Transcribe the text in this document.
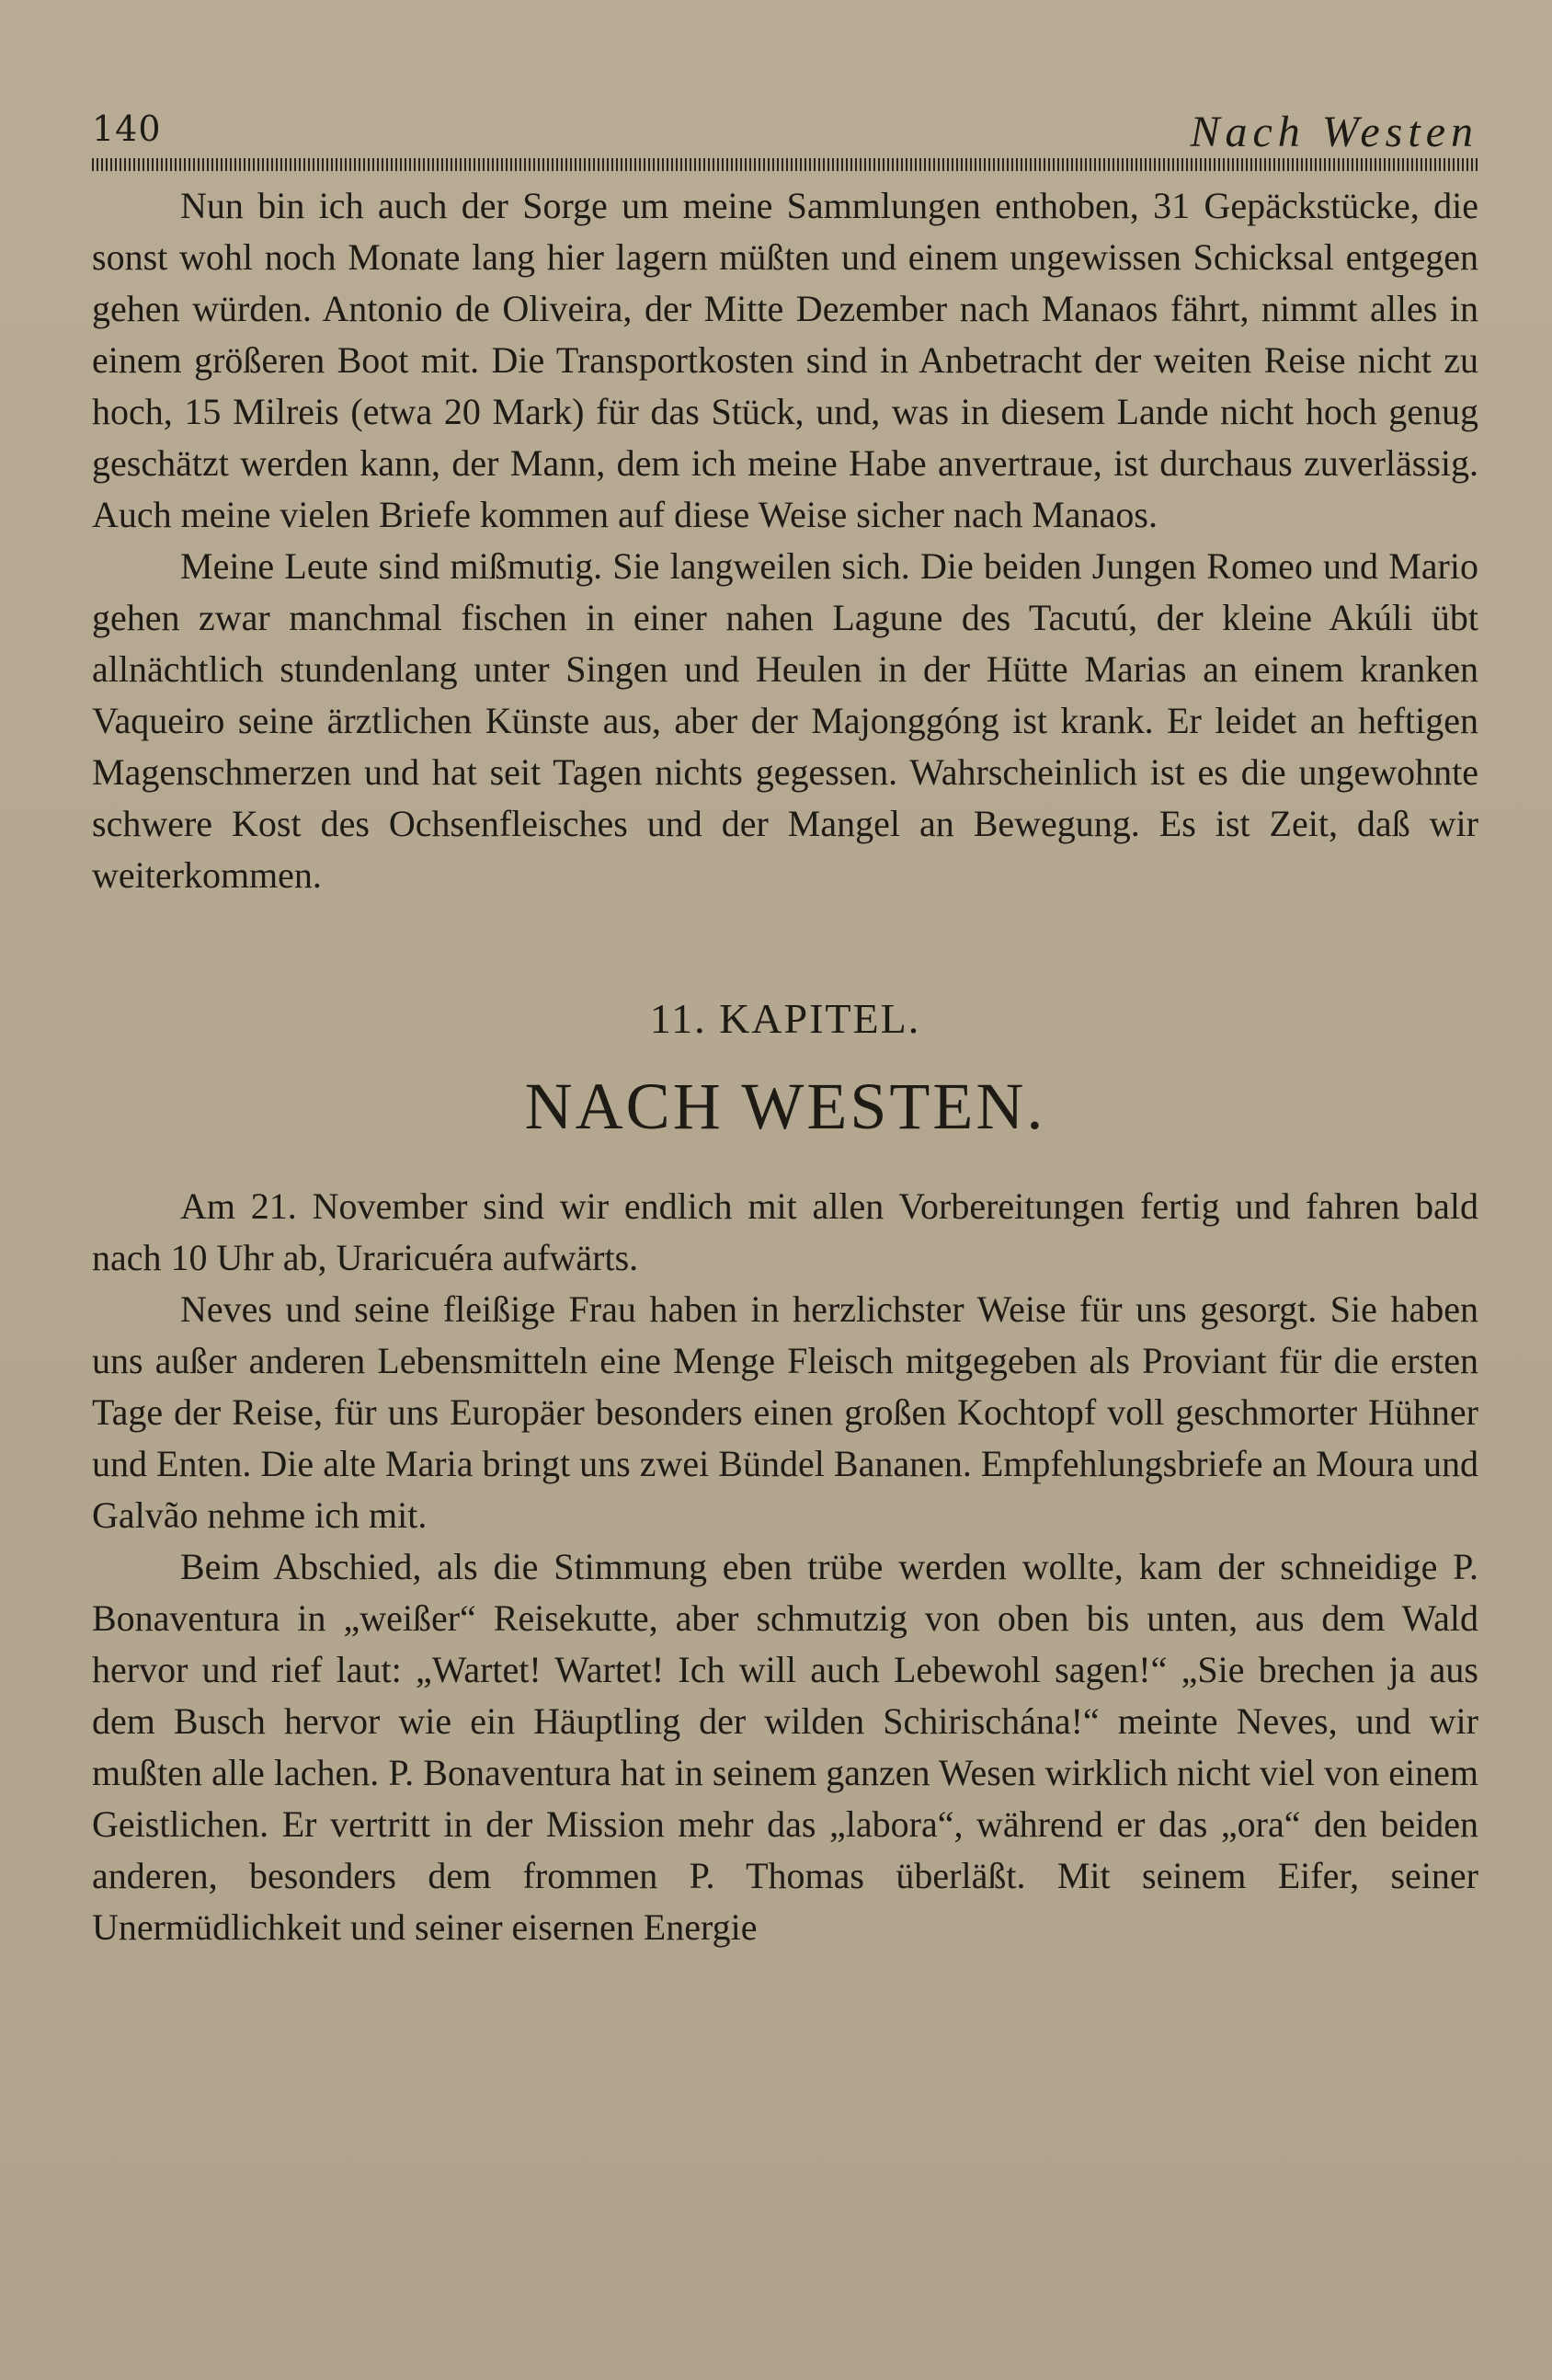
140	Nach Westen

Nun bin ich auch der Sorge um meine Sammlungen enthoben, 31 Gepäckstücke, die sonst wohl noch Monate lang hier lagern müßten und einem ungewissen Schicksal entgegen gehen würden. Antonio de Oliveira, der Mitte Dezember nach Manaos fährt, nimmt alles in einem größeren Boot mit. Die Transportkosten sind in Anbetracht der weiten Reise nicht zu hoch, 15 Milreis (etwa 20 Mark) für das Stück, und, was in diesem Lande nicht hoch genug geschätzt werden kann, der Mann, dem ich meine Habe anvertraue, ist durchaus zuverlässig. Auch meine vielen Briefe kommen auf diese Weise sicher nach Manaos.

Meine Leute sind mißmutig. Sie langweilen sich. Die beiden Jungen Romeo und Mario gehen zwar manchmal fischen in einer nahen Lagune des Tacutú, der kleine Akúli übt allnächtlich stundenlang unter Singen und Heulen in der Hütte Marias an einem kranken Vaqueiro seine ärztlichen Künste aus, aber der Majonggóng ist krank. Er leidet an heftigen Magenschmerzen und hat seit Tagen nichts gegessen. Wahrscheinlich ist es die ungewohnte schwere Kost des Ochsenfleisches und der Mangel an Bewegung. Es ist Zeit, daß wir weiterkommen.

11. KAPITEL.
NACH WESTEN.

Am 21. November sind wir endlich mit allen Vorbereitungen fertig und fahren bald nach 10 Uhr ab, Uraricuéra aufwärts.

Neves und seine fleißige Frau haben in herzlichster Weise für uns gesorgt. Sie haben uns außer anderen Lebensmitteln eine Menge Fleisch mitgegeben als Proviant für die ersten Tage der Reise, für uns Europäer besonders einen großen Kochtopf voll geschmorter Hühner und Enten. Die alte Maria bringt uns zwei Bündel Bananen. Empfehlungsbriefe an Moura und Galvão nehme ich mit.

Beim Abschied, als die Stimmung eben trübe werden wollte, kam der schneidige P. Bonaventura in „weißer“ Reisekutte, aber schmutzig von oben bis unten, aus dem Wald hervor und rief laut: „Wartet! Wartet! Ich will auch Lebewohl sagen!“ „Sie brechen ja aus dem Busch hervor wie ein Häuptling der wilden Schirischána!“ meinte Neves, und wir mußten alle lachen. P. Bonaventura hat in seinem ganzen Wesen wirklich nicht viel von einem Geistlichen. Er vertritt in der Mission mehr das „labora“, während er das „ora“ den beiden anderen, besonders dem frommen P. Thomas überläßt. Mit seinem Eifer, seiner Unermüdlichkeit und seiner eisernen Energie
